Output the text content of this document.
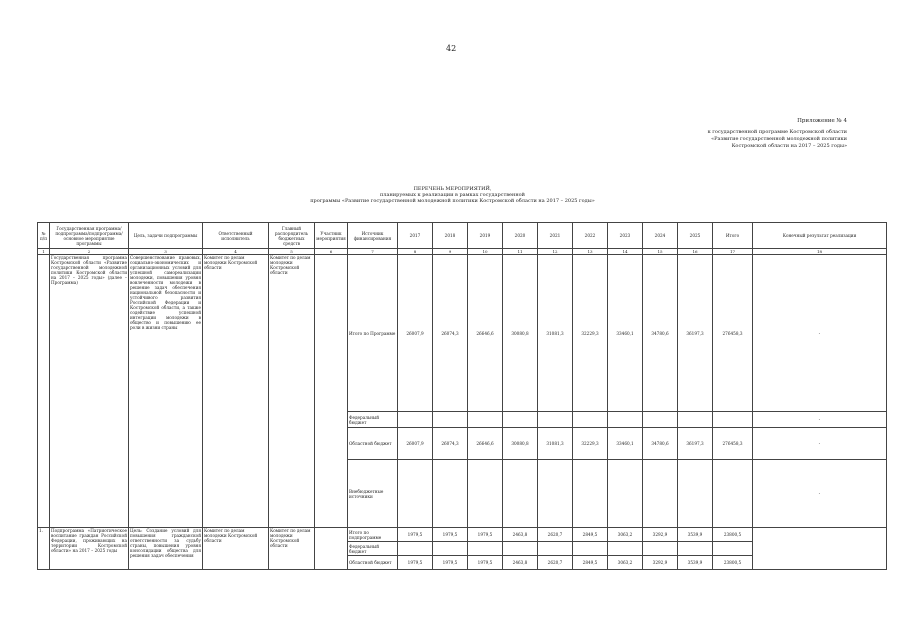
42
Приложение № 4
к государственной программе Костромской области
«Развитие государственной молодежной политики
Костромской области на 2017 – 2025 годы»
ПЕРЕЧЕНЬ МЕРОПРИЯТИЙ,
планируемых к реализации в рамках государственной
программы «Развитие государственной молодежной политики Костромской области на 2017 – 2025 годы»
№ п/п	Государственная программа/подпрограмма/подпрограмма/основное мероприятие программы	Цель, задачи подпрограммы	Ответственный исполнитель	Главный распорядитель бюджетных средств	Участник мероприятия	Источник финансирования	2017	2018	2019	2020	2021	2022	2023	2024	2025	Итого	Конечный результат реализации
1	2	3	4	5	6	7	8	9	10	11	12	13	14	15	16	17	18
	Государственная программа Костромской области «Развитие государственной молодежной политики Костромской области на 2017 – 2025 годы» (далее – Программа)	Совершенствование правовых, социально-экономических и организационных условий для успешной самореализации молодежи, повышения уровня вовлеченности молодежи в решение задач обеспечения национальной безопасности и устойчивого развития Российской Федерации и Костромской области, а также содействие успешной интеграции молодежи в общество и повышению ее роли в жизни страны	Комитет по делам молодежи Костромской области	Комитет по делам молодежи Костромской области		Итого по Программе	26007,9	26074,3	26646,6	30080,8	31081,3	32229,3	33460,1	34780,6	36197,3	276458,3	-
						Федеральный бюджет											-
						Областной бюджет	26007,9	26074,3	26646,6	30080,8	31081,3	32229,3	33460,1	34780,6	36197,3	276458,3	-
						Внебюджетные источники											-
1.	Подпрограмма «Патриотическое воспитание граждан Российской Федерации, проживающих на территории Костромской области» на 2017 – 2025 годы	Цель: Создание условий для повышения гражданской ответственности за судьбу страны, повышения уровня консолидации общества для решения задач обеспечения	Комитет по делам молодежи Костромской области	Комитет по делам молодежи Костромской области		Итого по подпрограмме	1979,5	1979,5	1979,5	2463,8	2620,7	2849,5	3063,2	3292,9	3539,9	23800,5	
						Федеральный бюджет											
						Областной бюджет	1979,5	1979,5	1979,5	2463,8	2620,7	2849,5	3063,2	3292,9	3539,9	23800,5	
